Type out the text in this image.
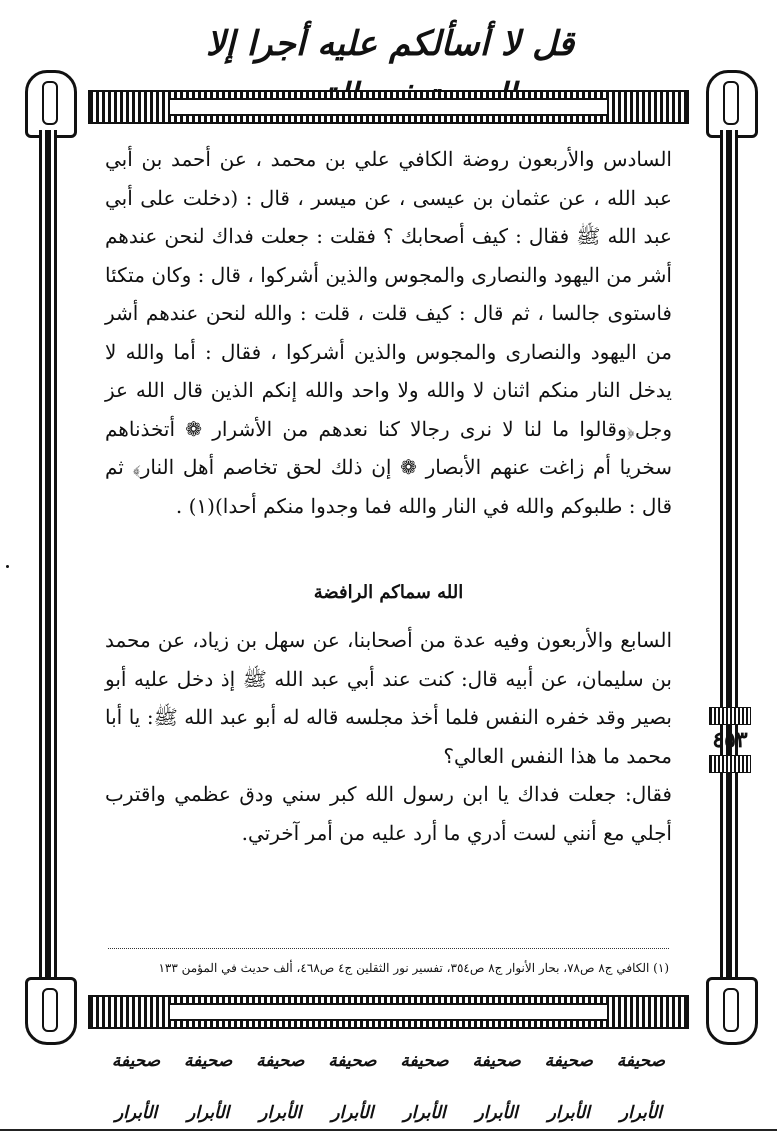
قل لا أسألكم عليه أجرا إلا
٤٥٣

السادس والأربعون روضة الكافي علي بن محمد ، عن أحمد بن أبي عبد الله ، عن عثمان بن عيسى ، عن ميسر ، قال : (دخلت على أبي عبد الله ﷺ فقال : كيف أصحابك ؟ فقلت : جعلت فداك لنحن عندهم أشر من اليهود والنصارى والمجوس والذين أشركوا ، قال : وكان متكئا فاستوى جالسا ، ثم قال : كيف قلت ، قلت : والله لنحن عندهم أشر من اليهود والنصارى والمجوس والذين أشركوا ، فقال : أما والله لا يدخل النار منكم اثنان لا والله ولا واحد والله إنكم الذين قال الله عز وجل﴿وقالوا ما لنا لا نرى رجالا كنا نعدهم من الأشرار ❁ أتخذناهم سخريا أم زاغت عنهم الأبصار ❁ إن ذلك لحق تخاصم أهل النار﴾ ثم قال : طلبوكم والله في النار والله فما وجدوا منكم أحدا)(١) .

الله سماكم الرافضة

السابع والأربعون وفيه عدة من أصحابنا، عن سهل بن زياد، عن محمد بن سليمان، عن أبيه قال: كنت عند أبي عبد الله ﷺ إذ دخل عليه أبو بصير وقد خفره النفس فلما أخذ مجلسه قاله له أبو عبد الله ﷺ: يا أبا محمد ما هذا النفس العالي؟

فقال: جعلت فداك يا ابن رسول الله كبر سني ودق عظمي واقترب أجلي مع أنني لست أدري ما أرد عليه من أمر آخرتي.

(١) الكافي ج٨ ص٧٨، بحار الأنوار ج٨ ص٣٥٤، تفسير نور الثقلين ج٤ ص٤٦٨، ألف حديث في المؤمن ١٣٣
صحيفة الأبرار
صحيفة الأبرار
صحيفة الأبرار
صحيفة الأبرار
صحيفة الأبرار
صحيفة الأبرار
صحيفة الأبرار
صحيفة الأبرار
